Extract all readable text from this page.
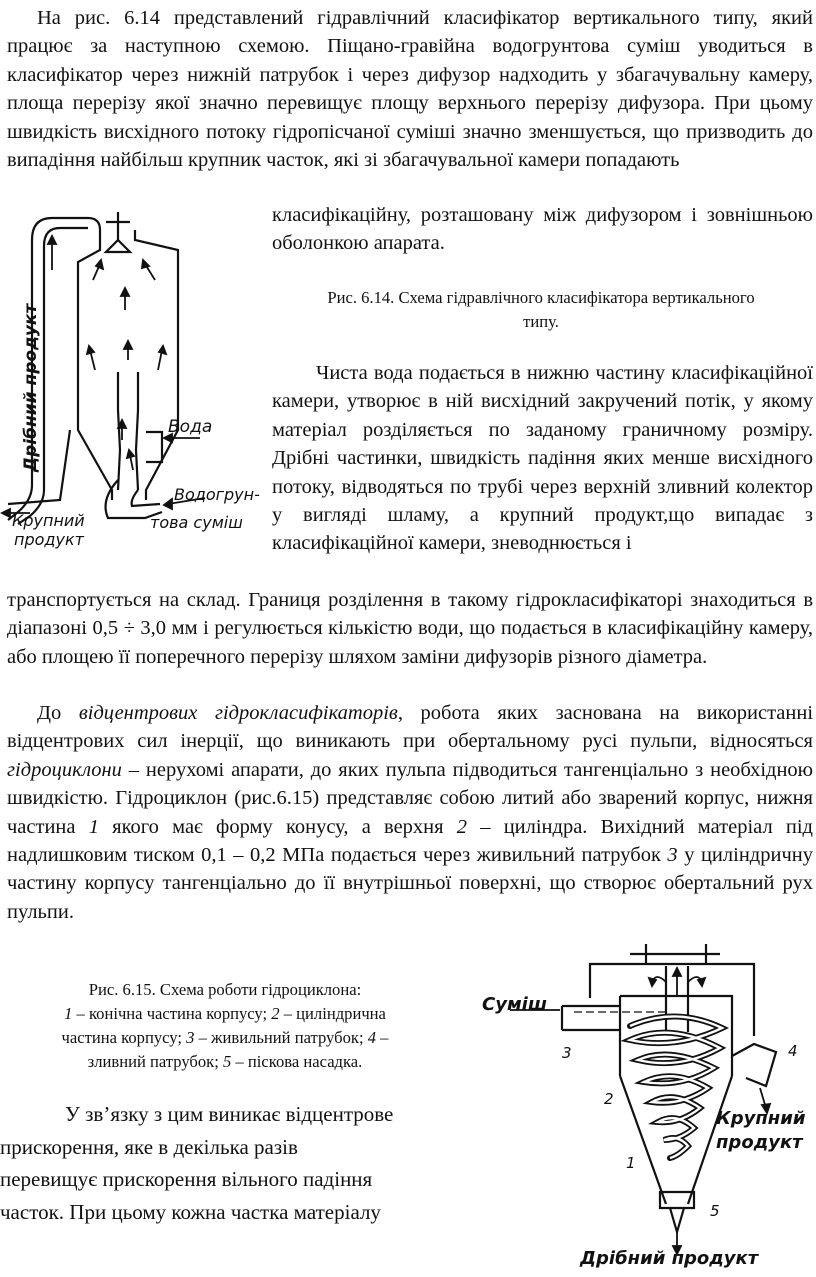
На рис. 6.14 представлений гідравлічний класифікатор вертикального типу, який працює за наступною схемою. Піщано-гравійна водогрунтова суміш уводиться в класифікатор через нижній патрубок і через дифузор надходить у збагачувальну камеру, площа перерізу якої значно перевищує площу верхнього перерізу дифузора. При цьому швидкість висхідного потоку гідропісчаної суміші значно зменшується, що призводить до випадіння найбільш крупник часток, які зі збагачувальної камери попадають

класифікаційну, розташовану між дифузором і зовнішньою оболонкою апарата.

Дрібний продукт
Крупний
продукт
Вода
Водогрун-
това суміш

Рис. 6.14. Схема гідравлічного класифікатора вертикального

типу.

Чиста вода подається в нижню частину класифікаційної камери, утворює в ній висхідний закручений потік, у якому матеріал розділяється по заданому граничному розміру. Дрібні частинки, швидкість падіння яких менше висхідного потоку, відводяться по трубі через верхній зливний колектор у вигляді шламу, а крупний продукт,що випадає з класифікаційної камери, зневоднюється і

транспортується на склад. Границя розділення в такому гідрокласифікаторі знаходиться в діапазоні 0,5 ÷ 3,0 мм і регулюється кількістю води, що подається в класифікаційну камеру, або площею її поперечного перерізу шляхом заміни дифузорів різного діаметра.

До відцентрових гідрокласифікаторів, робота яких заснована на використанні відцентрових сил інерції, що виникають при обертальному русі пульпи, відносяться гідроциклони – нерухомі апарати, до яких пульпа підводиться тангенціально з необхідною швидкістю. Гідроциклон (рис.6.15) представляє собою литий або зварений корпус, нижня частина 1 якого має форму конусу, а верхня 2 – циліндра. Вихідний матеріал під надлишковим тиском 0,1 – 0,2 МПа подається через живильний патрубок 3 у циліндричну частину корпусу тангенціально до її внутрішньої поверхні, що створює обертальний рух пульпи.

Рис. 6.15. Схема роботи гідроциклона:

1 – конічна частина корпусу; 2 – циліндрична

частина корпусу; 3 – живильний патрубок; 4 –

зливний патрубок; 5 – піскова насадка.

У зв’язку з цим виникає відцентрове
прискорення, яке в декілька разів
перевищує прискорення вільного падіння
часток. При цьому кожна частка матеріалу
Суміш
Крупний
продукт
Дрібний продукт
1
2
3	4
5
